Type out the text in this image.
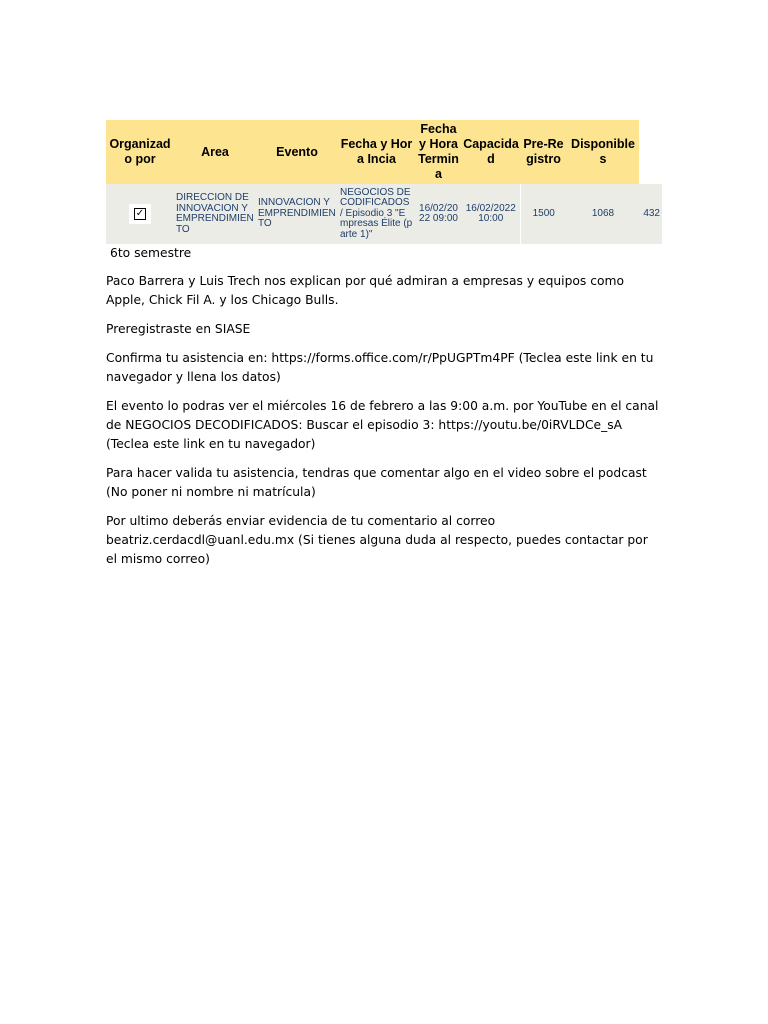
Organizado por	Area	Evento	Fecha y Hora Incia	Fecha y Hora Termina	Capacidad	Pre-Registro	Disponibles	

✓	DIRECCION DE INNOVACION Y EMPRENDIMIENTO	INNOVACION Y EMPRENDIMIENTO	NEGOCIOS DECODIFICADOS / Episodio 3 "Empresas Élite (parte 1)"	16/02/2022 09:00	16/02/2022 10:00	1500	1068	432

6to semestre

Paco Barrera y Luis Trech nos explican por qué admiran a empresas y equipos como Apple, Chick Fil A. y los Chicago Bulls.

Preregistraste en SIASE

Confirma tu asistencia en: https://forms.office.com/r/PpUGPTm4PF (Teclea este link en tu navegador y llena los datos)

El evento lo podras ver el miércoles 16 de febrero a las 9:00 a.m. por YouTube en el canal de NEGOCIOS DECODIFICADOS: Buscar el episodio 3: https://youtu.be/0iRVLDCe_sA (Teclea este link en tu navegador)

Para hacer valida tu asistencia, tendras que comentar algo en el video sobre el podcast (No poner ni nombre ni matrícula)

Por ultimo deberás enviar evidencia de tu comentario al correo beatriz.cerdacdl@uanl.edu.mx (Si tienes alguna duda al respecto, puedes contactar por el mismo correo)
